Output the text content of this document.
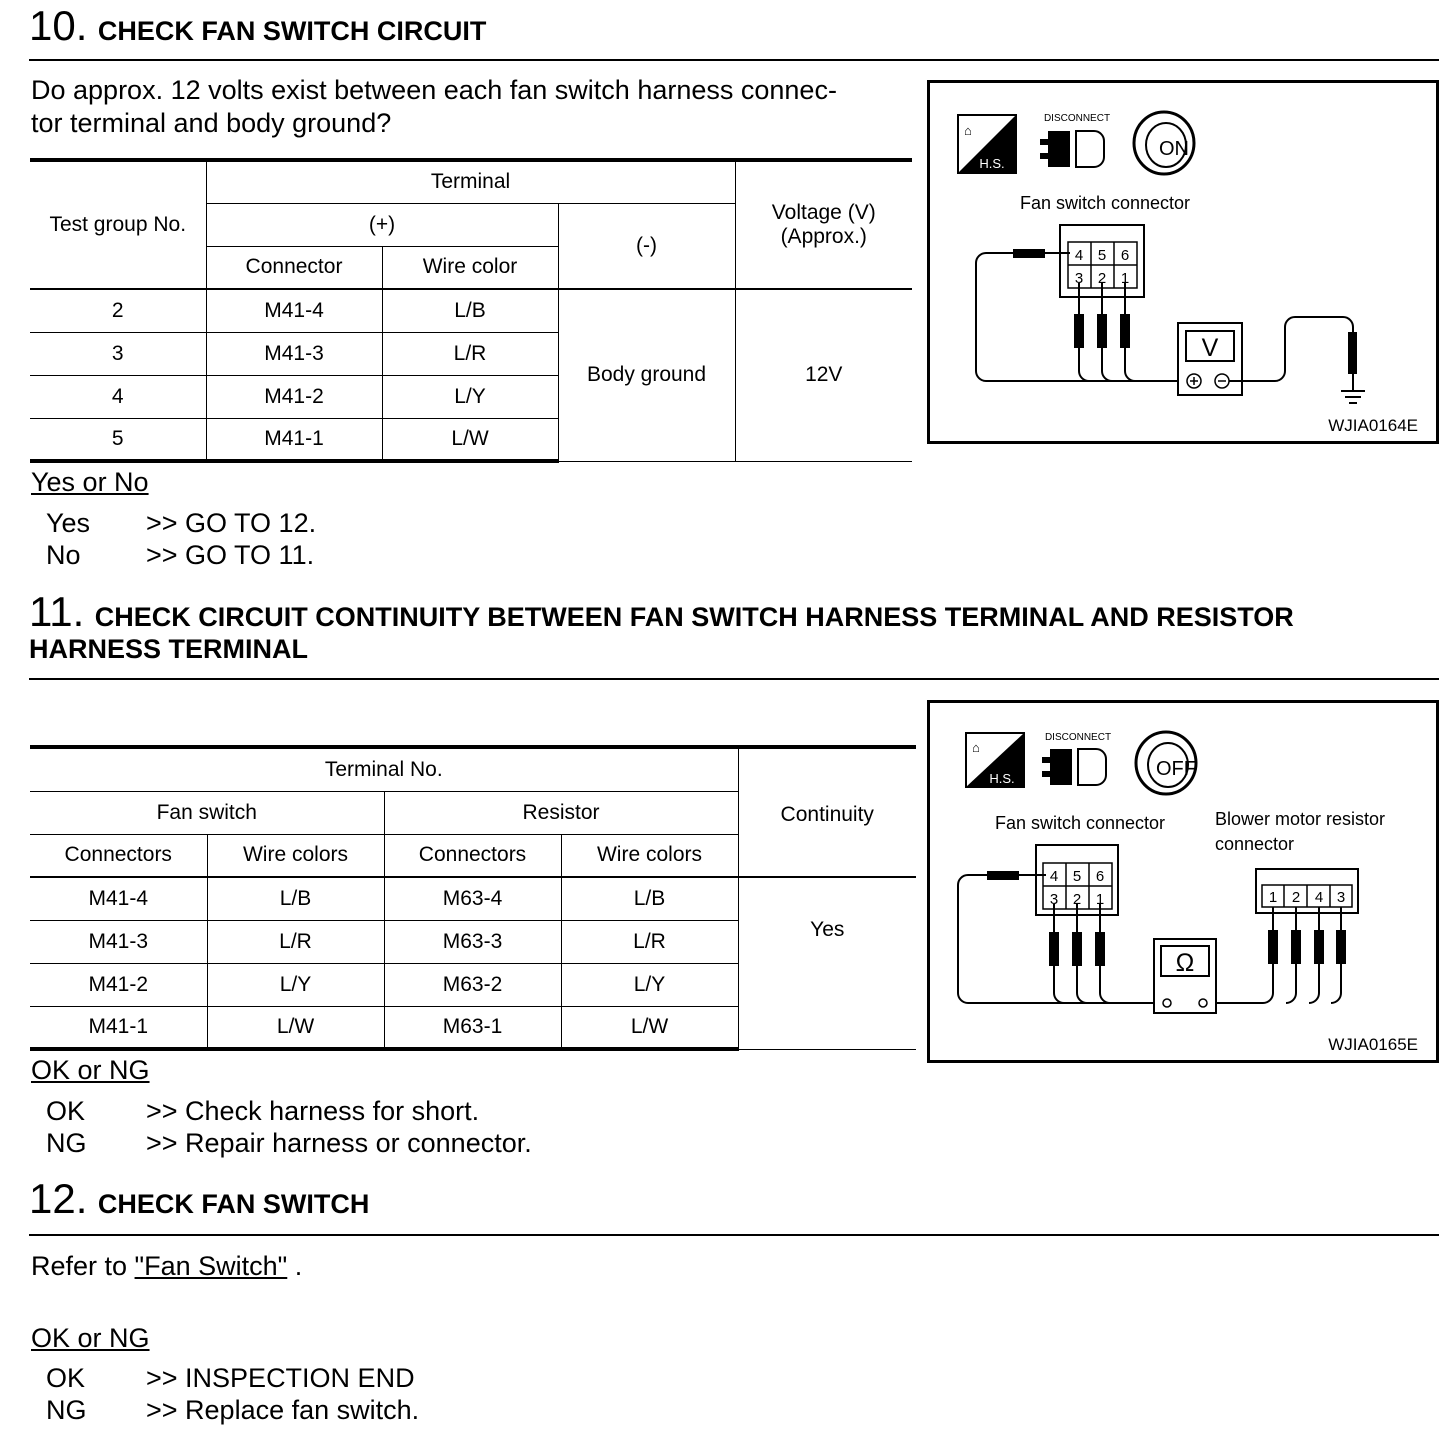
10. CHECK FAN SWITCH CIRCUIT
Do approx. 12 volts exist between each fan switch harness connec-
tor terminal and body ground?
Test group No.	Terminal			Voltage (V)
(Approx.)

	(+)		(-)	
	Connector	Wire color		
2	M41-4	L/B	Body ground	12V
3	M41-3	L/R		
4	M41-2	L/Y		
5	M41-1	L/W		
Yes or No
Yes >> GO TO 12.
No >> GO TO 11.
⌂
H.S.
DISCONNECT
ON
Fan switch connector
4 5 6
3 2 1
V
WJIA0164E
11. CHECK CIRCUIT CONTINUITY BETWEEN FAN SWITCH HARNESS TERMINAL AND RESISTOR
HARNESS TERMINAL
Terminal No.				Continuity
Fan switch		Resistor		
Connectors	Wire colors	Connectors	Wire colors	
M41-4	L/B	M63-4	L/B	Yes
M41-3	L/R	M63-3	L/R	
M41-2	L/Y	M63-2	L/Y	
M41-1	L/W	M63-1	L/W	
OK or NG
OK >> Check harness for short.
NG >> Repair harness or connector.
⌂
H.S.
DISCONNECT
OFF
Fan switch connector	Blower motor resistor
connector
4 5 6
3 2 1	1 2 4 3
Ω
WJIA0165E
12. CHECK FAN SWITCH
Refer to "Fan Switch" .
OK or NG
OK >> INSPECTION END
NG >> Replace fan switch.
